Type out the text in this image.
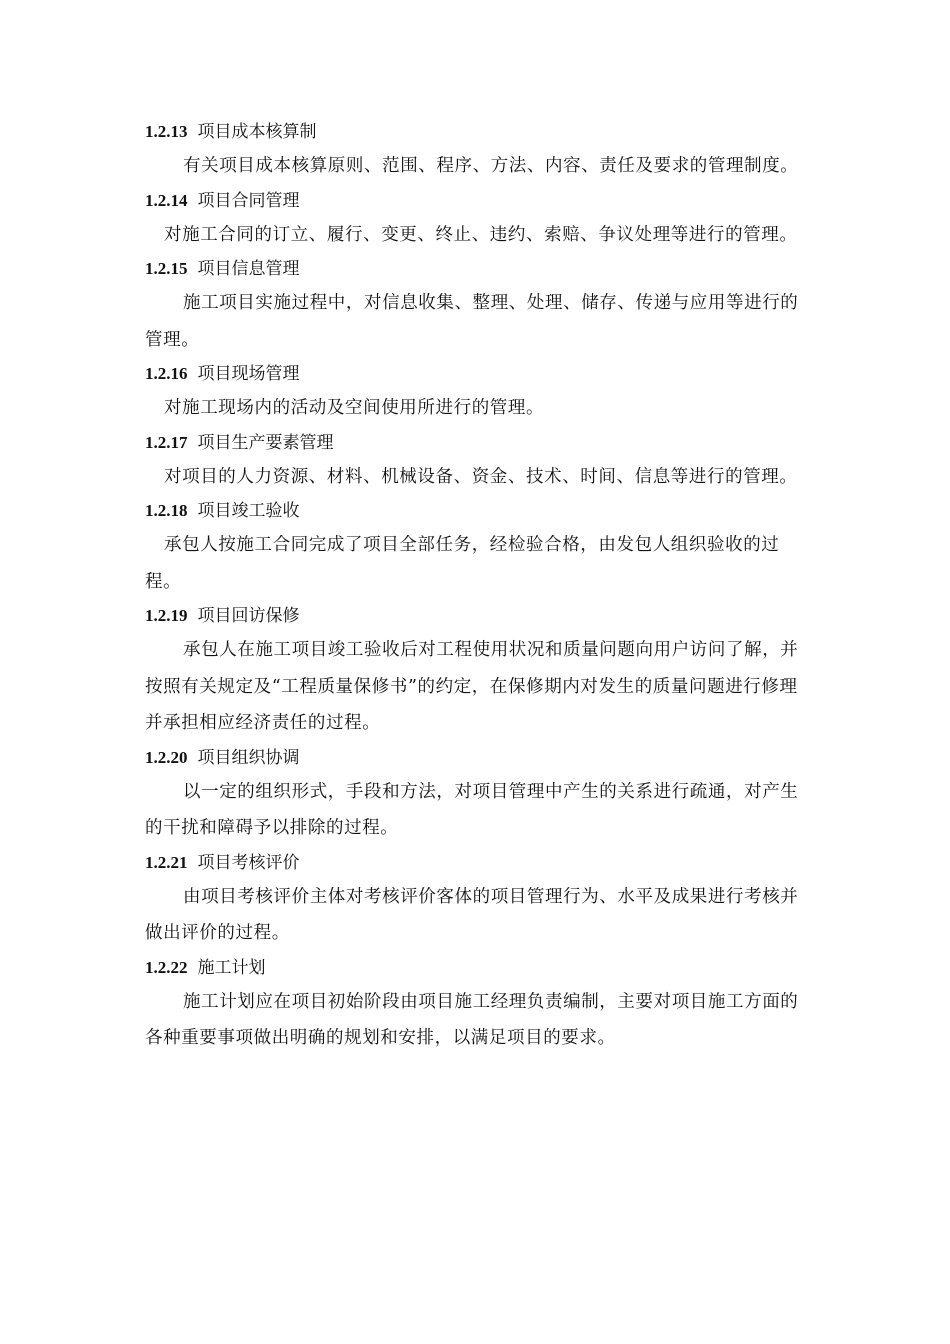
1.2.13 项目成本核算制

有关项目成本核算原则、范围、程序、方法、内容、责任及要求的管理制度。

1.2.14 项目合同管理

对施工合同的订立、履行、变更、终止、违约、索赔、争议处理等进行的管理。

1.2.15 项目信息管理

施工项目实施过程中，对信息收集、整理、处理、储存、传递与应用等进行的管理。

1.2.16 项目现场管理

对施工现场内的活动及空间使用所进行的管理。

1.2.17 项目生产要素管理

对项目的人力资源、材料、机械设备、资金、技术、时间、信息等进行的管理。

1.2.18 项目竣工验收

承包人按施工合同完成了项目全部任务，经检验合格，由发包人组织验收的过程。

1.2.19 项目回访保修

承包人在施工项目竣工验收后对工程使用状况和质量问题向用户访问了解，并按照有关规定及“工程质量保修书”的约定，在保修期内对发生的质量问题进行修理并承担相应经济责任的过程。

1.2.20 项目组织协调

以一定的组织形式，手段和方法，对项目管理中产生的关系进行疏通，对产生的干扰和障碍予以排除的过程。

1.2.21 项目考核评价

由项目考核评价主体对考核评价客体的项目管理行为、水平及成果进行考核并做出评价的过程。

1.2.22 施工计划

施工计划应在项目初始阶段由项目施工经理负责编制，主要对项目施工方面的各种重要事项做出明确的规划和安排，以满足项目的要求。
